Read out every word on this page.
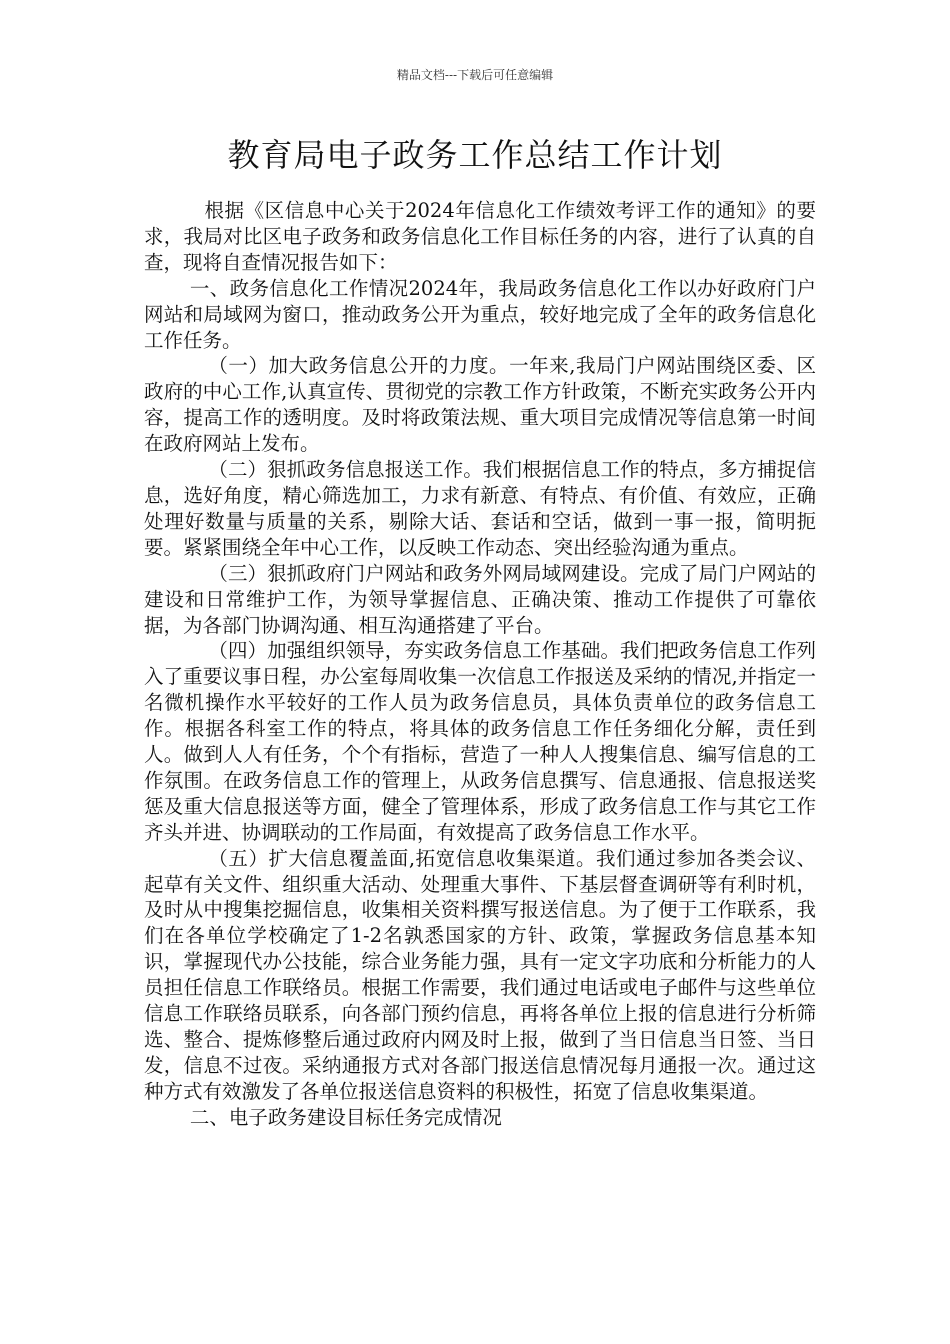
精品文档---下载后可任意编辑
教育局电子政务工作总结工作计划

根据《区信息中心关于2024年信息化工作绩效考评工作的通知》的要求，我局对比区电子政务和政务信息化工作目标任务的内容，进行了认真的自查，现将自查情况报告如下：

一、政务信息化工作情况2024年，我局政务信息化工作以办好政府门户网站和局域网为窗口，推动政务公开为重点，较好地完成了全年的政务信息化工作任务。

（一）加大政务信息公开的力度。一年来,我局门户网站围绕区委、区政府的中心工作,认真宣传、贯彻党的宗教工作方针政策，不断充实政务公开内容，提高工作的透明度。及时将政策法规、重大项目完成情况等信息第一时间在政府网站上发布。

（二）狠抓政务信息报送工作。我们根据信息工作的特点，多方捕捉信息，选好角度，精心筛选加工，力求有新意、有特点、有价值、有效应，正确处理好数量与质量的关系，剔除大话、套话和空话，做到一事一报，简明扼要。紧紧围绕全年中心工作，以反映工作动态、突出经验沟通为重点。

（三）狠抓政府门户网站和政务外网局域网建设。完成了局门户网站的建设和日常维护工作，为领导掌握信息、正确决策、推动工作提供了可靠依据，为各部门协调沟通、相互沟通搭建了平台。

（四）加强组织领导，夯实政务信息工作基础。我们把政务信息工作列入了重要议事日程，办公室每周收集一次信息工作报送及采纳的情况,并指定一名微机操作水平较好的工作人员为政务信息员，具体负责单位的政务信息工作。根据各科室工作的特点，将具体的政务信息工作任务细化分解，责任到人。做到人人有任务，个个有指标，营造了一种人人搜集信息、编写信息的工作氛围。在政务信息工作的管理上，从政务信息撰写、信息通报、信息报送奖惩及重大信息报送等方面，健全了管理体系，形成了政务信息工作与其它工作齐头并进、协调联动的工作局面，有效提高了政务信息工作水平。

（五）扩大信息覆盖面,拓宽信息收集渠道。我们通过参加各类会议、起草有关文件、组织重大活动、处理重大事件、下基层督查调研等有利时机，及时从中搜集挖掘信息，收集相关资料撰写报送信息。为了便于工作联系，我们在各单位学校确定了1-2名孰悉国家的方针、政策，掌握政务信息基本知识，掌握现代办公技能，综合业务能力强，具有一定文字功底和分析能力的人员担任信息工作联络员。根据工作需要，我们通过电话或电子邮件与这些单位信息工作联络员联系，向各部门预约信息，再将各单位上报的信息进行分析筛选、整合、提炼修整后通过政府内网及时上报，做到了当日信息当日签、当日发，信息不过夜。采纳通报方式对各部门报送信息情况每月通报一次。通过这种方式有效激发了各单位报送信息资料的积极性，拓宽了信息收集渠道。

二、电子政务建设目标任务完成情况
